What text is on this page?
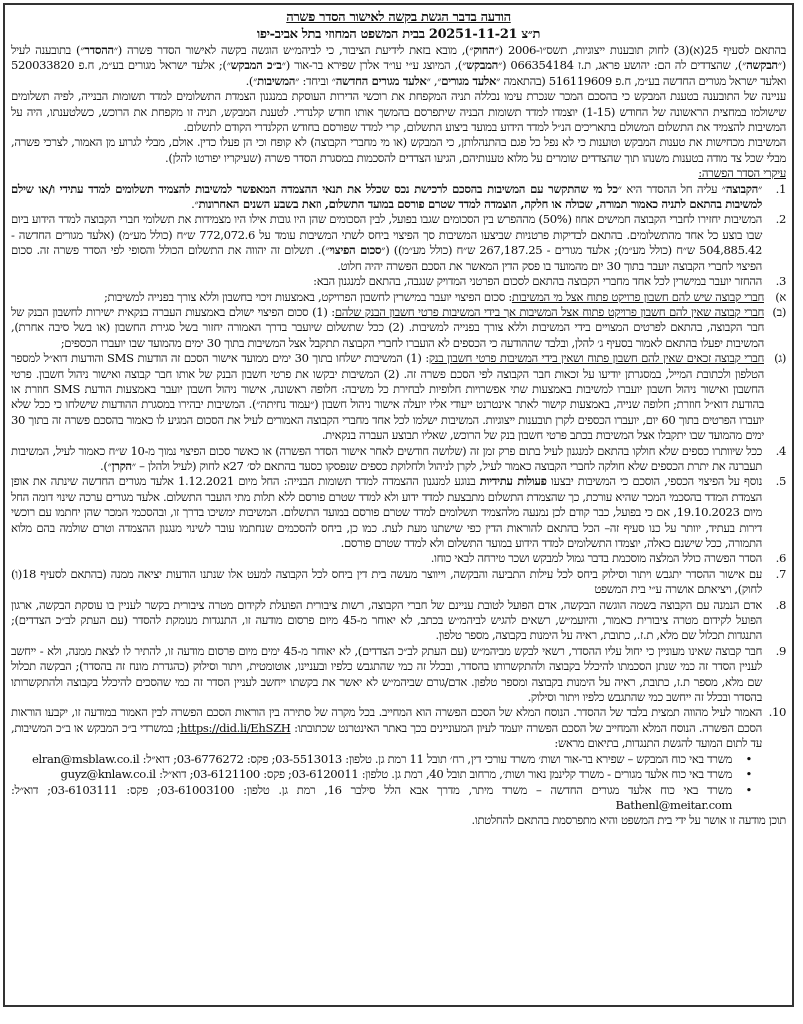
הודעה בדבר הגשת בקשה לאישור הסדר פשרה
ת״צ 20251-11-21 בבית המשפט המחוזי בתל אביב-יפו

בהתאם לסעיף 25(א)(3) לחוק תובענות ייצוגיות, תשס״ו-2006 (״החוק״), מובא בזאת לידיעת הציבור, כי לביהמ״ש הוגשה בקשה לאישור הסדר פשרה (״ההסדר״) בתובענה לעיל (״הבקשה״), שהצדדים לה הם: יהושע פראג, ת.ז 066354184 (״המבקש״), המיוצג ע״י עו״ד אלרן שפירא בר-אור (״ב״כ המבקש״); אלעד ישראל מגורים בע״מ, ח.פ 520033820 ואלעד ישראל מגורים החדשה בע״מ, ח.פ 516119609 (בהתאמה ״אלעד מגורים״, ״אלעד מגורים החדשה״ וביחד: ״המשיבות״).

עניינה של התובענה בטענת המבקש כי בהסכם המכר שנכרת עימו נכללה תניה המקפחת את רוכשי הדירות העוסקת במנגנון הצמדת התשלומים למדד תשומות הבנייה, לפיה תשלומים שישולמו במחצית הראשונה של החודש (1-15) יוצמדו למדד תשומות הבניה שיתפרסם בהמשך אותו חודש קלנדרי. לטענת המבקש, תניה זו מקפחת את הרוכש, כשלטענתו, היה על המשיבות להצמיד את התשלום המשולם בתאריכים הנ״ל למדד הידוע במועד ביצוע התשלום, קרי למדד שפורסם בחודש הקלנדרי הקודם לתשלום.

המשיבות מכחישות את טענות המבקש וטוענות כי לא נפל כל פגם בהתנהלותן, כי המבקש (או מי מחברי הקבוצה) לא קופח וכי הן פעלו כדין. אולם, מבלי לגרוע מן האמור, לצרכי פשרה, מבלי שכל צד מודה בטענות משנהו תוך שהצדדים שומרים על מלוא טענותיהם, הגיעו הצדדים להסכמות במסגרת הסדר פשרה (שעיקריו יפורטו להלן).

עיקרי הסדר הפשרה:
1.

״הקבוצה״ עליה חל ההסדר היא ״כל מי שהתקשר עם המשיבות בהסכם לרכישת נכס שכלל את תנאי ההצמדה המאפשר למשיבות להצמיד תשלומים למדד עתידי ו/או שילם למשיבות בהתאם לתניה כאמור תמורה, שכולה או חלקה, הוצמדה למדד שטרם פורסם במועד התשלום, וזאת בשבע השנים האחרונות״.

2.

המשיבות יחזירו לחברי הקבוצה חמישים אחוז (50%) מההפרש בין הסכומים שגבו בפועל, לבין הסכומים שהן היו גובות אילו היו מצמידות את תשלומי חברי הקבוצה למדד הידוע ביום שבו בוצע כל אחד מהתשלומים. בהתאם לבדיקות פרטניות שביצעו המשיבות סך הפיצוי ביחס לשתי המשיבות עומד על 772,072.6 ש״ח (כולל מע״מ) (אלעד מגורים החדשה - 504,885.42 ש״ח (כולל מע״מ); אלעד מגורים - 267,187.25 ש״ח (כולל מע״מ)) (״סכום הפיצוי״). תשלום זה יהווה את התשלום הכולל והסופי לפי הסדר פשרה זה. סכום הפיצוי לחברי הקבוצה יועבר בתוך 30 יום מהמועד בו פסק הדין המאשר את הסכם הפשרה יהיה חלוט.

3.

ההחזר יועבר במישרין לכל אחד מחברי הקבוצה בהתאם לסכום הפרטני המדויק שנגבה, בהתאם למנגנון הבא:

א)

חברי קבוצה שיש להם חשבון פרויקט פתוח אצל מי המשיבות: סכום הפיצוי יועבר במישרין לחשבון הפרויקט, באמצעות זיכוי בחשבון וללא צורך בפנייה למשיבות;

(ב)

חברי קבוצה שאין להם חשבון פרויקט פתוח אצל המשיבות אך בידי המשיבות פרטי חשבון הבנק שלהם: (1) סכום הפיצוי ישולם באמצעות העברה בנקאית ישירות לחשבון הבנק של חבר הקבוצה, בהתאם לפרטים המצויים בידי המשיבות וללא צורך בפנייה למשיבות. (2) ככל שתשלום שיועבר בדרך האמורה יחזור בשל סגירת החשבון (או בשל סיבה אחרת), המשיבות יפעלו בהתאם לאמור בסעיף ג׳ להלן, ובלבד שההודעה כי הכספים לא הועברו לחברי הקבוצה תתקבל אצל המשיבות בתוך 30 ימים מהמועד שבו יועברו הכספים;

(ג)

חברי קבוצה זכאים שאין להם חשבון פתוח ושאין בידי המשיבות פרטי חשבון בנק: (1) המשיבות ישלחו בתוך 30 ימים ממועד אישור הסכם זה הודעות SMS והודעות דוא״ל למספר הטלפון ולכתובת המייל, במסגרתן יודיעו על זכאות חבר הקבוצה לפי הסכם פשרה זה. (2) המשיבות יבקשו את פרטי חשבון הבנק של אותו חבר קבוצה ואישור ניהול חשבון. פרטי החשבון ואישור ניהול חשבון יועברו למשיבות באמצעות שתי אפשרויות חלופיות לבחירת כל משיבה: חלופה ראשונה, אישור ניהול חשבון יועבר באמצעות הודעת SMS חוזרת או בהודעת דוא״ל חוזרת; חלופה שנייה, באמצעות קישור לאתר אינטרנט ייעודי אליו יועלה אישור ניהול חשבון (״עמוד נחיתה״). המשיבות יבהירו במסגרת ההודעות שישלחו כי ככל שלא יועברו הפרטים בתוך 60 יום, יועברו הכספים לקרן תובענות ייצוגיות. המשיבות ישלמו לכל אחד מחברי הקבוצה האמורים לעיל את הסכום המגיע לו כאמור בהסכם פשרה זה בתוך 30 ימים מהמועד שבו יתקבלו אצל המשיבות בכתב פרטי חשבון בנק של הרוכש, שאליו תבוצע העברה בנקאית.

4.

ככל שיוותרו כספים שלא חולקו בהתאם למנגנון לעיל בתום פרק זמן זה (שלושה חודשים לאחר אישור הסדר הפשרה) או כאשר סכום הפיצוי נמוך מ-10 ש״ח כאמור לעיל, המשיבות תעברנה את יתרת הכספים שלא חולקה לחברי הקבוצה כאמור לעיל, לקרן לניהול ולחלוקת כספים שנפסקו כסעד בהתאם לס׳ 27א לחוק (לעיל ולהלן – ״הקרן״).

5.

נוסף על הפיצוי הכספי, הוסכם כי המשיבות יבצעו פעולות עתידיות בנוגע למנגנון ההצמדה למדד תשומות הבנייה: החל מיום 1.12.2021 אלעד מגורים החדשה שינתה את אופן הצמדת המדד בהסכמי המכר שהיא עורכת, כך שהצמדת התשלום מתבצעת למדד ידוע ולא למדד שטרם פורסם ללא תלות מתי הועבר התשלום. אלעד מגורים ערכה שינוי דומה החל מיום 19.10.2023, אם כי בפועל, כבר קודם לכן נמנעה מלהצמיד תשלומים למדד שטרם פורסם במועד התשלום. המשיבות ימשיכו בדרך זו, ובהסכמי המכר שהן יחתמו עם רוכשי דירות בעתיד, יוותר על כנו סעיף זה– הכל בהתאם להוראות הדין כפי שישתנו מעת לעת. כמו כן, ביחס להסכמים שנחתמו עובר לשינוי מנגנון ההצמדה וטרם שולמה בהם מלוא התמורה, ככל שישנם כאלה, יוצמדו התשלומים למדד הידוע במועד התשלום ולא למדד שטרם פורסם.

6.

הסדר הפשרה כולל המלצה מוסכמת בדבר גמול למבקש ושכר טירחה לבאי כוחו.

7.

עם אישור ההסדר יתגבש ויתור וסילוק ביחס לכל עילות התביעה והבקשה, וייווצר מעשה בית דין ביחס לכל הקבוצה למעט אלו שנתנו הודעות יציאה ממנה (בהתאם לסעיף 18(ו) לחוק), ויציאתם אושרה ע״י בית המשפט

8.

אדם הנמנה עם הקבוצה בשמה הוגשה הבקשה, אדם הפועל לטובת עניינם של חברי הקבוצה, רשות ציבורית הפועלת לקידום מטרה ציבורית בקשר לעניין בו עוסקת הבקשה, ארגון הפועל לקידום מטרה ציבורית כאמור, והיועמ״ש, רשאים להגיש לביהמ״ש בכתב, לא יאוחר מ-45 מיום פרסום מודעה זו, התנגדות מנומקת להסדר (עם העתק לב״כ הצדדים); התנגדות תכלול שם מלא, ת.ז., כתובת, ראיה על הימנות בקבוצה, מספר טלפון.

9.

חבר קבוצה שאינו מעוניין כי יחול עליו ההסדר, רשאי לבקש מביהמ״ש (עם העתק לב״כ הצדדים), לא יאוחר מ-45 ימים מיום פרסום מודעה זו, להתיר לו לצאת ממנה, ולא - ייחשב לעניין הסדר זה כמי שנתן הסכמתו להיכלל בקבוצה ולהתקשרותו בהסדר, ובכלל זה כמי שהתגבש כלפיו ובעניינו, אוטומטית, ויתור וסילוק (כהגדרת מונח זה בהסדר); הבקשה תכלול שם מלא, מספר ת.ז, כתובת, ראיה על הימנות בקבוצה ומספר טלפון. אדם/גורם שביהמ״ש לא יאשר את בקשתו ייחשב לעניין הסדר זה כמי שהסכים להיכלל בקבוצה ולהתקשרותו בהסדר ובכלל זה ייחשב כמי שהתגבש כלפיו ויתור וסילוק.

10.

האמור לעיל מהווה תמצית בלבד של ההסדר. הנוסח המלא של הסכם הפשרה הוא המחייב. בכל מקרה של סתירה בין הוראות הסכם הפשרה לבין האמור במודעה זו, יקבעו הוראות הסכם הפשרה. הנוסח המלא והמחייב של הסכם הפשרה יועמד לעיון המעוניינים בכך באתר האינטרנט שכתובתו: https://did.li/EhSZH; במשרדי ב״כ המבקש או ב״כ המשיבות, עד לתום המועד להגשת התנגדות, בתיאום מראש:

•

משרד באי כוח המבקש – שפירא בר-אור ושות׳ משרד עורכי דין, רח׳ תובל 11 רמת גן. טלפון: 03-5513013; פקס: 03-6776272; דוא״ל: elran@msblaw.co.il

•

משרד באי כוח אלעד מגורים - משרד קלינמן נאור ושות׳, מרחוב תובל 40, רמת גן. טלפון: 03-6120011; פקס: 03-6121100; דוא״ל: guyz@knlaw.co.il

•

משרד באי כוח אלעד מגורים החדשה – משרד מיתר, מדרך אבא הלל סילבר 16, רמת גן. טלפון: 03-61003100; פקס: 03-6103111; דוא״ל: Bathenl@meitar.com

תוכן מודעה זו אושר על ידי בית המשפט והיא מתפרסמת בהתאם להחלטתו.
